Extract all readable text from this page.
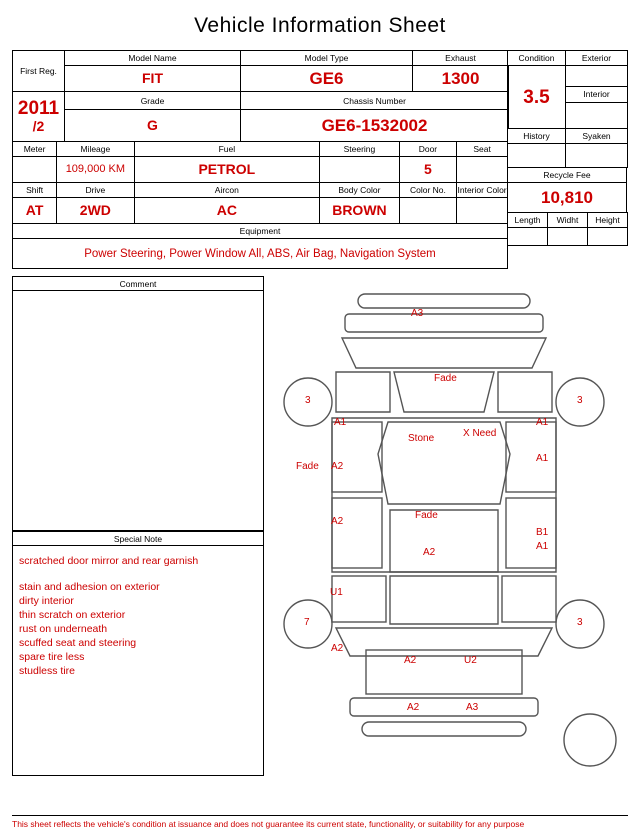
Vehicle Information Sheet
First Reg.	Model Name	Model Type	Exhaust
	FIT	GE6	1300

2011
/2	Grade	Chassis Number	
	G	GE6-1532002	
Meter	Mileage	Fuel	Steering	Door	Seat
	109,000 KM	PETROL		5	
Shift	Drive	Aircon	Body Color	Color No.	Interior Color
AT	2WD	AC	BROWN		
Equipment
Power Steering, Power Window All, ABS, Air Bag, Navigation System
Condition	Exterior
3.5	
	Interior

History	Syaken

Recycle Fee
10,810
Length	Widht	Height

Comment
Special Note
scratched door mirror and rear garnish
stain and adhesion on exterior
dirty interior
thin scratch on exterior
rust on underneath
scuffed seat and steering
spare tire less
studless tire
A3
Fade
3	3
A1	A1
Stone	X Need
A1
Fade A2
A2
Fade
B1
A1
A2
U1
7	3
A2
A2	U2
A2	A3
This sheet reflects the vehicle's condition at issuance and does not guarantee its current state, functionality, or suitability for any purpose
